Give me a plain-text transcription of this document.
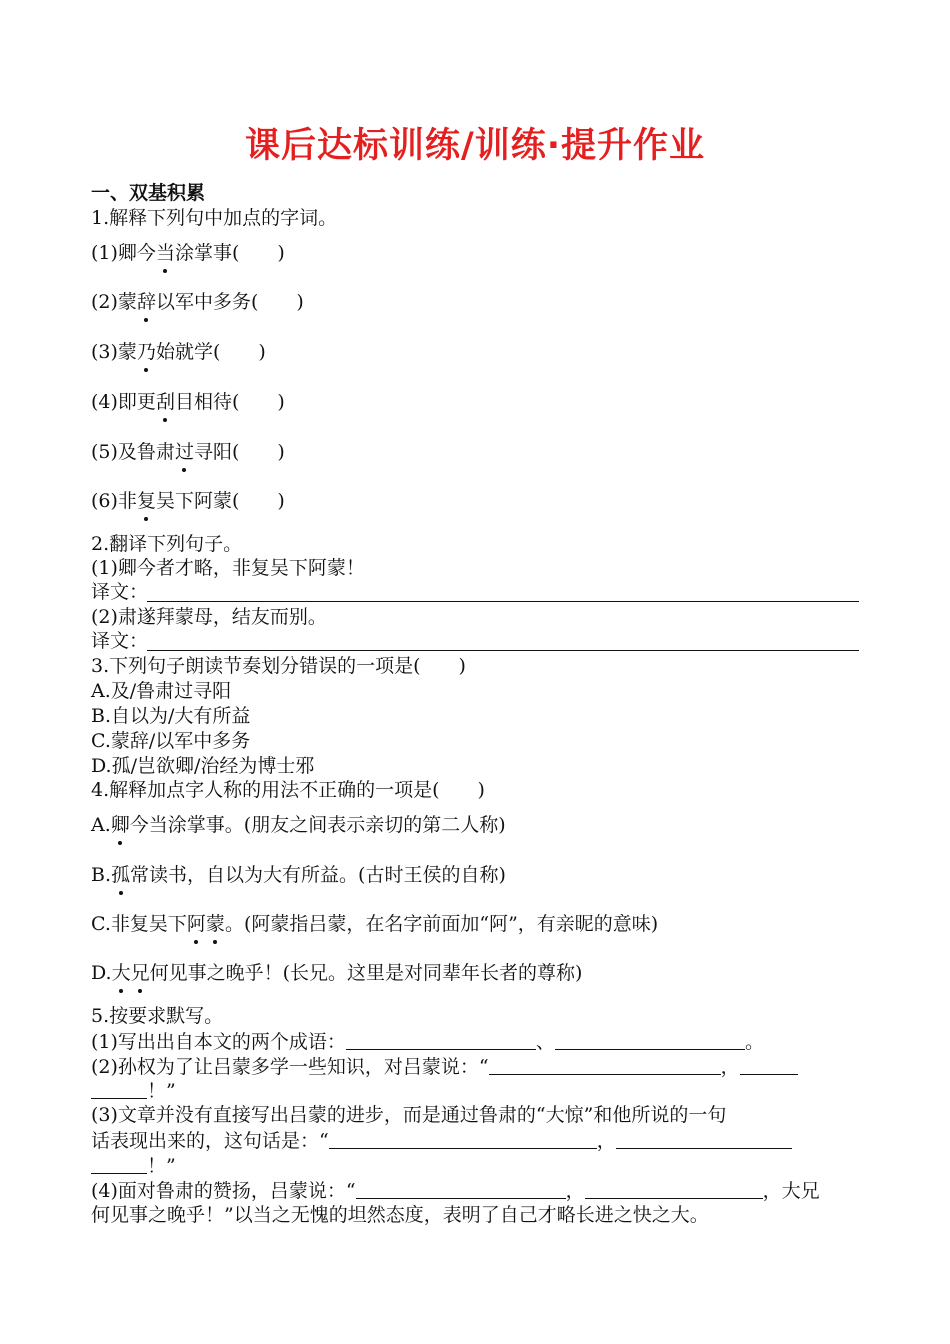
课后达标训练/训练·提升作业
一、双基积累
1.解释下列句中加点的字词。
(1)卿今当涂掌事(　　)
(2)蒙辞以军中多务(　　)
(3)蒙乃始就学(　　)
(4)即更刮目相待(　　)
(5)及鲁肃过寻阳(　　)
(6)非复吴下阿蒙(　　)
2.翻译下列句子。
(1)卿今者才略，非复吴下阿蒙！
译文：
(2)肃遂拜蒙母，结友而别。
译文：
3.下列句子朗读节奏划分错误的一项是(　　)
A.及/鲁肃过寻阳
B.自以为/大有所益
C.蒙辞/以军中多务
D.孤/岂欲卿/治经为博士邪
4.解释加点字人称的用法不正确的一项是(　　)
A.卿今当涂掌事。(朋友之间表示亲切的第二人称)
B.孤常读书，自以为大有所益。(古时王侯的自称)
C.非复吴下阿蒙。(阿蒙指吕蒙，在名字前面加“阿”，有亲昵的意味)
D.大兄何见事之晚乎！(长兄。这里是对同辈年长者的尊称)
5.按要求默写。
(1)写出出自本文的两个成语：	、	。
(2)孙权为了让吕蒙多学一些知识，对吕蒙说：“	，
！”
(3)文章并没有直接写出吕蒙的进步，而是通过鲁肃的“大惊”和他所说的一句
话表现出来的，这句话是：“	，
！”
(4)面对鲁肃的赞扬，吕蒙说：“	，	，大兄
何见事之晚乎！”以当之无愧的坦然态度，表明了自己才略长进之快之大。
